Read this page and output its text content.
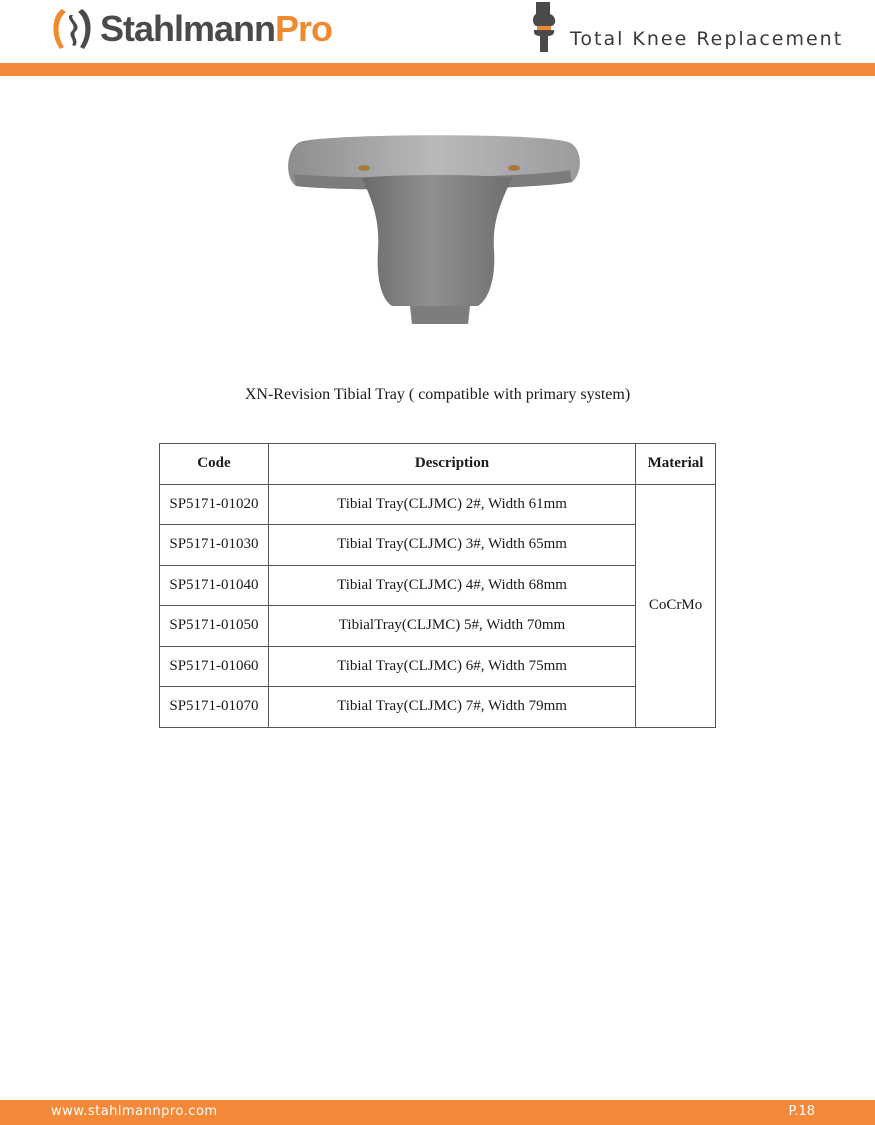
StahlmannPro	Total Knee Replacement
XN-Revision Tibial Tray ( compatible with primary system)
Code	Description	Material
SP5171-01020	Tibial Tray(CLJMC) 2#, Width 61mm	CoCrMo
SP5171-01030	Tibial Tray(CLJMC) 3#, Width 65mm	
SP5171-01040	Tibial Tray(CLJMC) 4#, Width 68mm	
SP5171-01050	TibialTray(CLJMC) 5#, Width 70mm	
SP5171-01060	Tibial Tray(CLJMC) 6#, Width 75mm	
SP5171-01070	Tibial Tray(CLJMC) 7#, Width 79mm	
www.stahlmannpro.com	P.18
